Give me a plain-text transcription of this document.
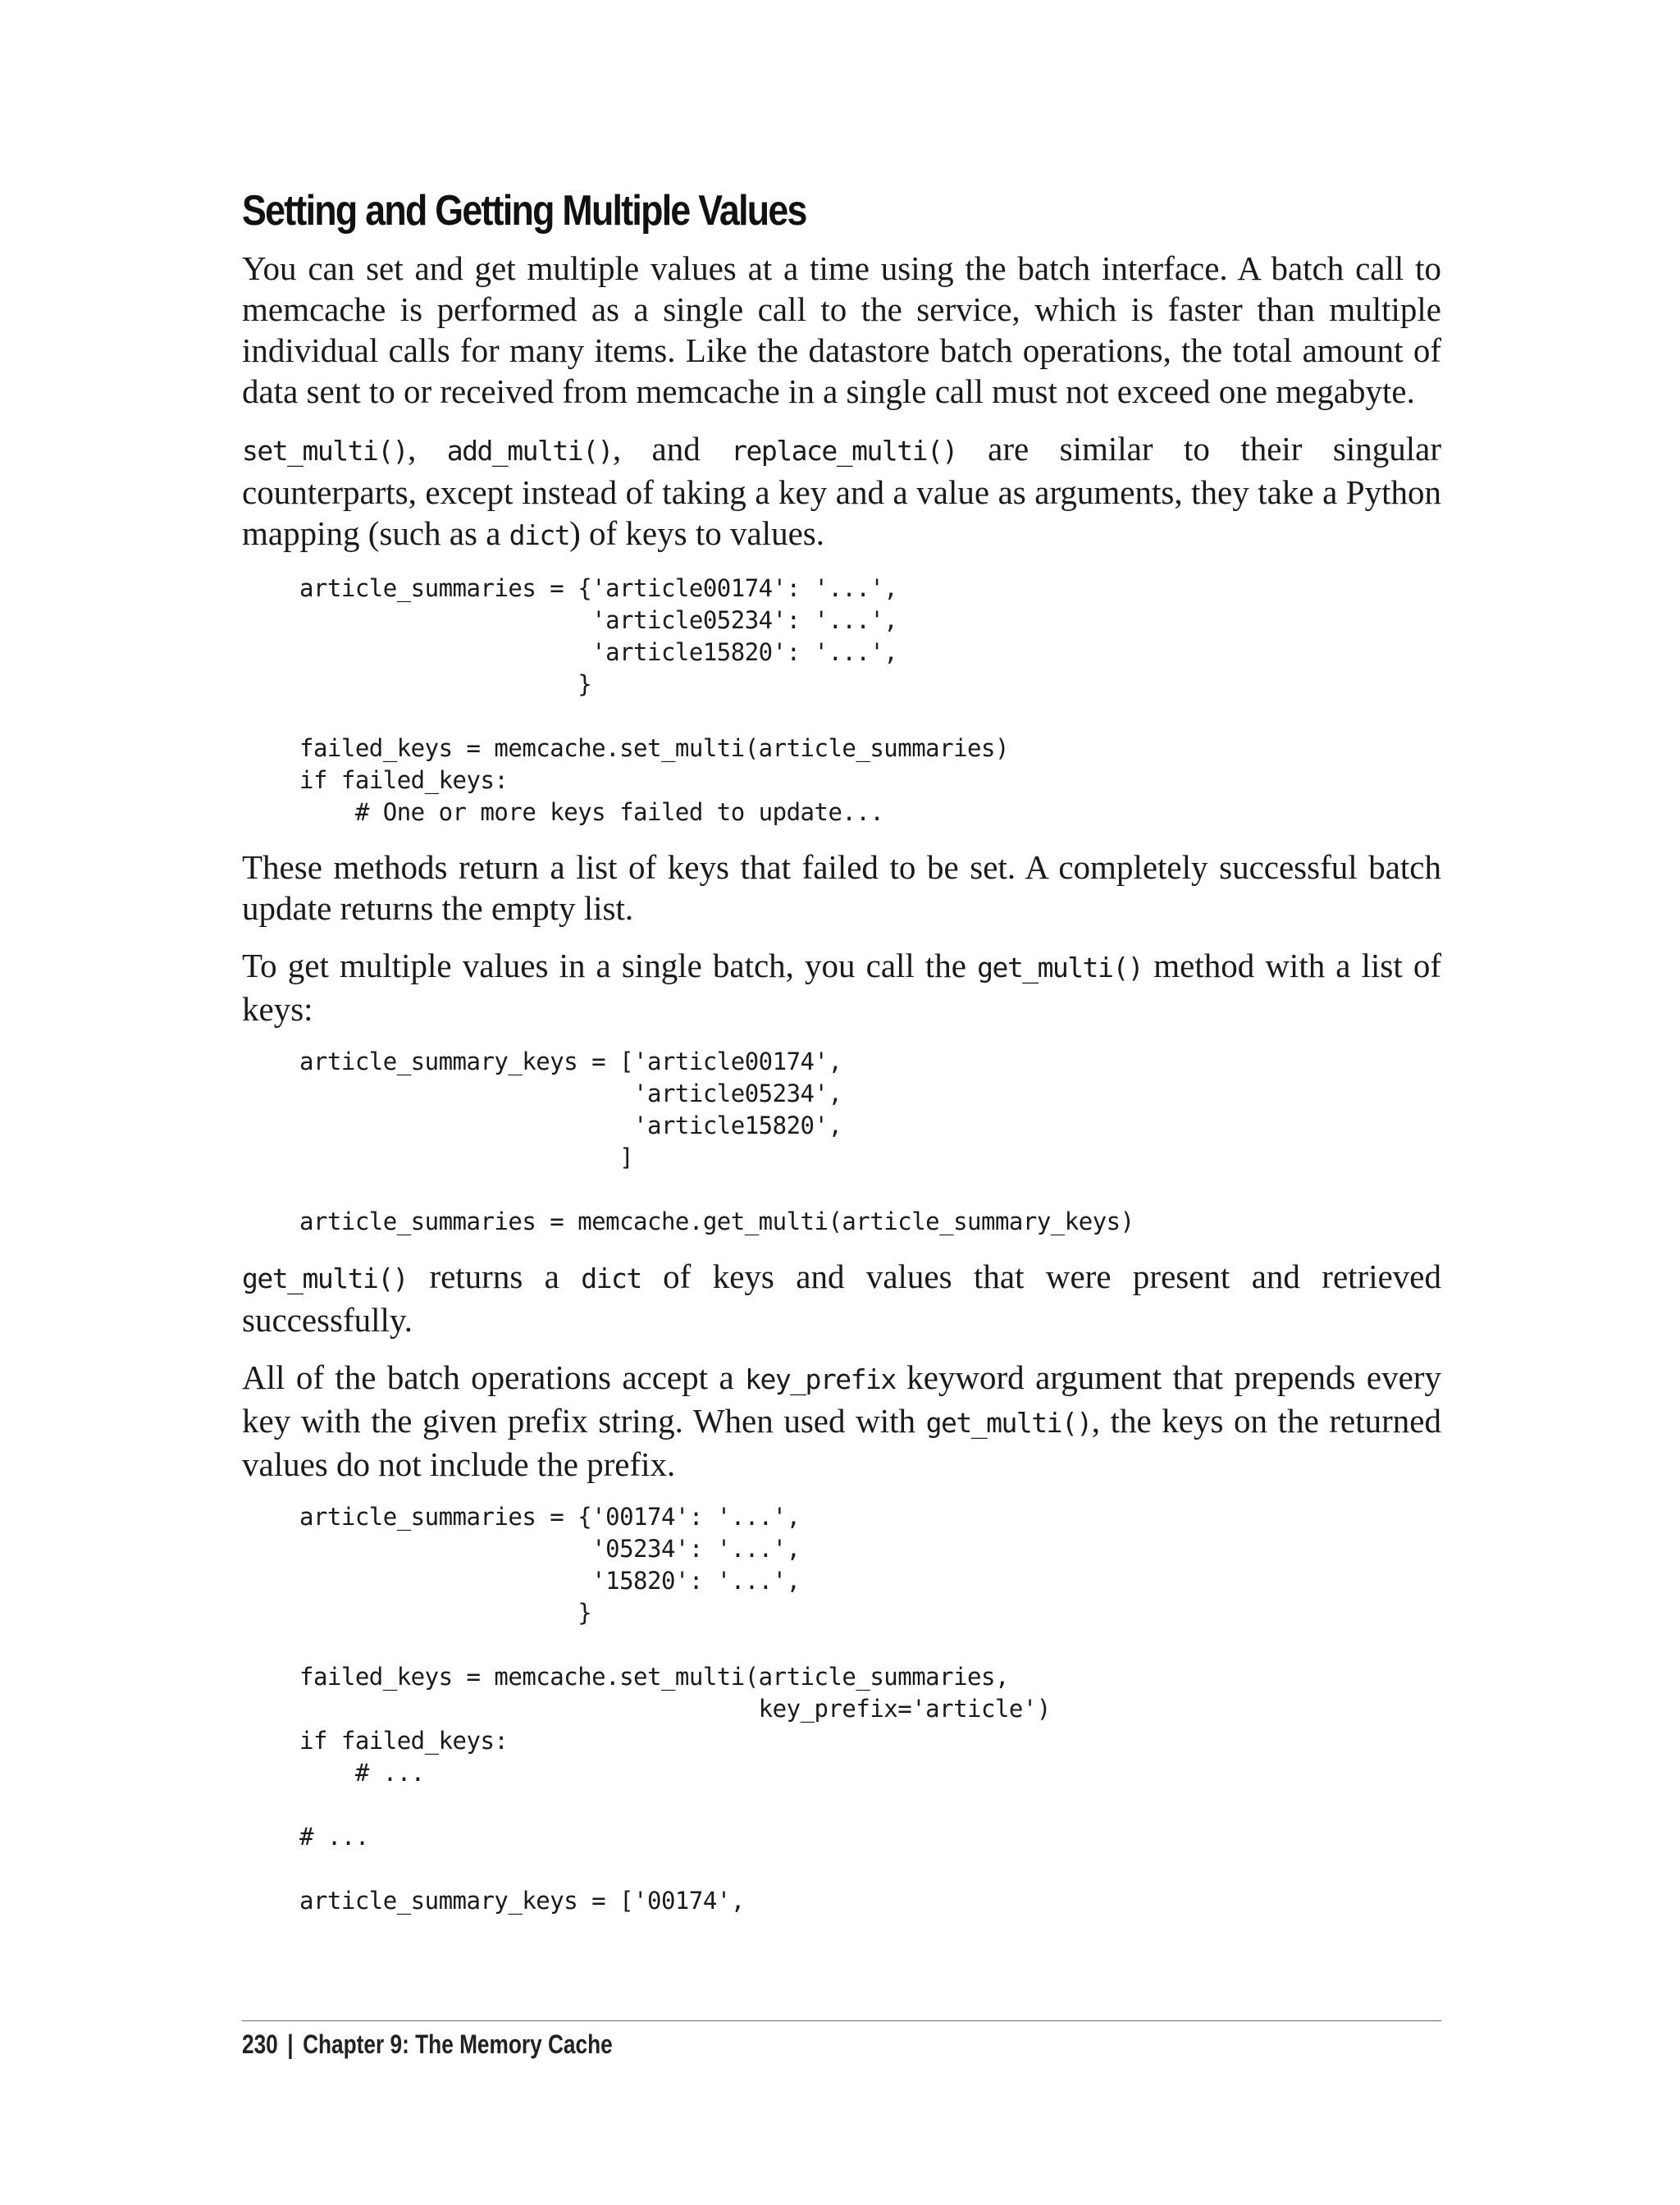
Setting and Getting Multiple Values

You can set and get multiple values at a time using the batch interface. A batch call to memcache is performed as a single call to the service, which is faster than multiple individual calls for many items. Like the datastore batch operations, the total amount of data sent to or received from memcache in a single call must not exceed one megabyte.

set_multi(), add_multi(), and replace_multi() are similar to their singular counterparts, except instead of taking a key and a value as arguments, they take a Python mapping (such as a dict) of keys to values.

article_summaries = {'article00174': '...',
'article05234': '...',
'article15820': '...',
}

failed_keys = memcache.set_multi(article_summaries)
if failed_keys:
# One or more keys failed to update...

These methods return a list of keys that failed to be set. A completely successful batch update returns the empty list.

To get multiple values in a single batch, you call the get_multi() method with a list of keys:

article_summary_keys = ['article00174',
'article05234',
'article15820',
]

article_summaries = memcache.get_multi(article_summary_keys)

get_multi() returns a dict of keys and values that were present and retrieved successfully.

All of the batch operations accept a key_prefix keyword argument that prepends every key with the given prefix string. When used with get_multi(), the keys on the returned values do not include the prefix.

article_summaries = {'00174': '...',
'05234': '...',
'15820': '...',
}

failed_keys = memcache.set_multi(article_summaries,
key_prefix='article')
if failed_keys:
# ...

# ...

article_summary_keys = ['00174',
230 | Chapter 9: The Memory Cache
